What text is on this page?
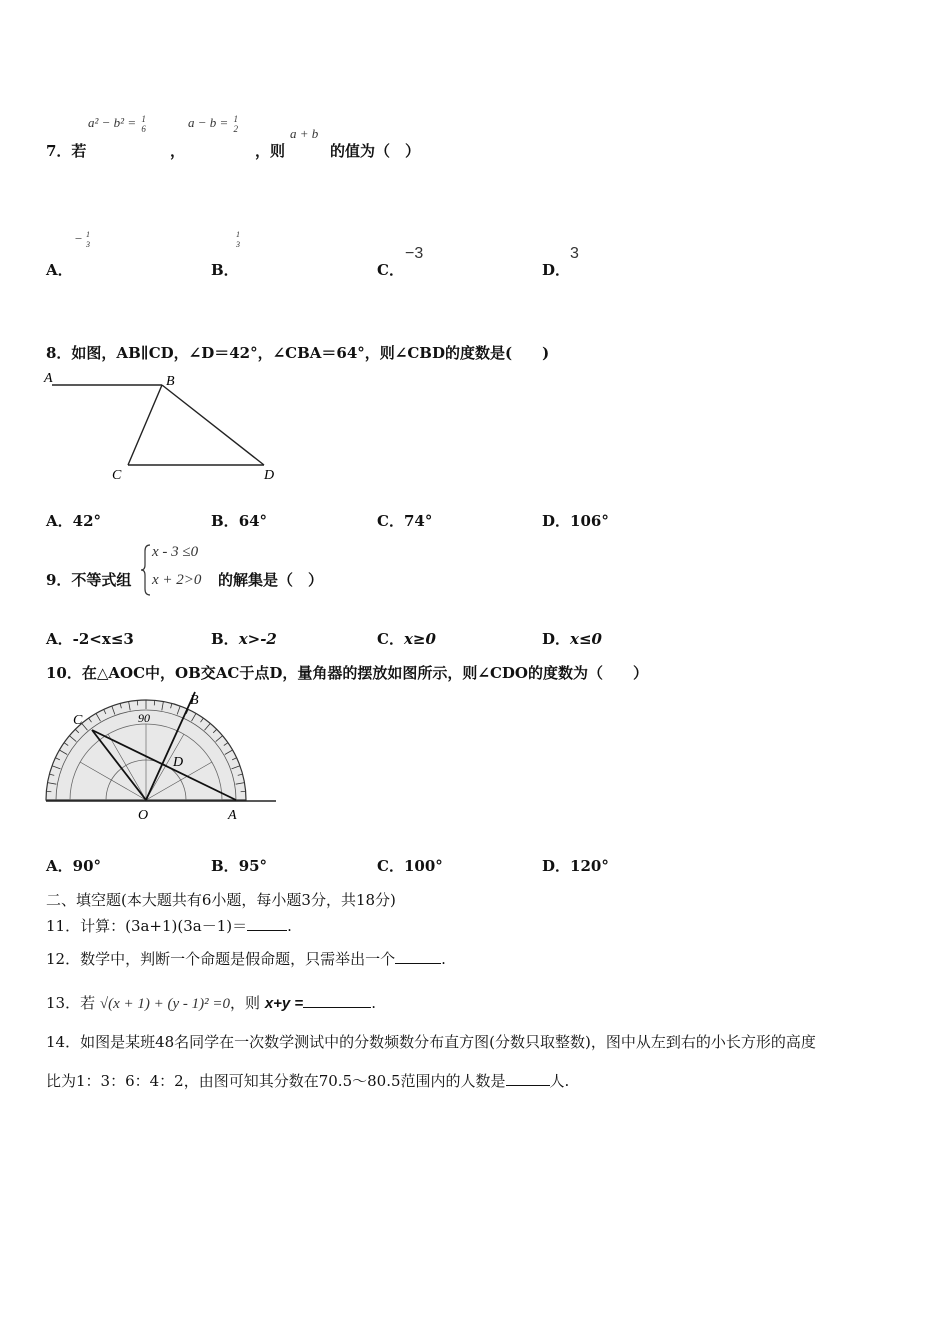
a² − b² = 1
6	a − b = 1
2	a + b
7．若	，	，则	的值为（　）
A．
− 1
3
B．
1
3
C．
−3
D．
3
8．如图，AB∥CD，∠D＝42°，∠CBA＝64°，则∠CBD的度数是(　　)
A	B
C	D
A．42°	B．64°	C．74°	D．106°
9．不等式组
x - 3 ≤0
x + 2>0 的解集是（　）
A．-2<x≤3	B．x>-2	C．x≥0	D．x≤0
10．在△AOC中，OB交AC于点D，量角器的摆放如图所示，则∠CDO的度数为（　　）
90
C
B
D
O	A
A．90°	B．95°	C．100°	D．120°
二、填空题(本大题共有6小题，每小题3分，共18分)
11．计算：(3a+1)(3a－1)＝	.
12．数学中，判断一个命题是假命题，只需举出一个	.
13．若 √(x + 1) + (y - 1)² =0，则 x+y =	.
14．如图是某班48名同学在一次数学测试中的分数频数分布直方图(分数只取整数)，图中从左到右的小长方形的高度
比为1：3：6：4：2，由图可知其分数在70.5～80.5范围内的人数是	人.
